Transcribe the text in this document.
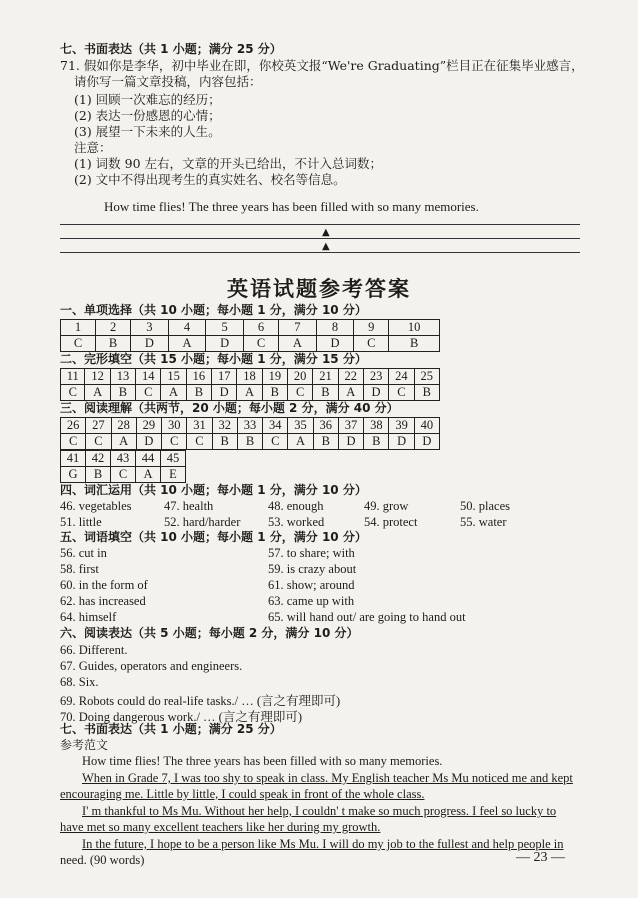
七、书面表达（共 1 小题；满分 25 分）
71. 假如你是李华，初中毕业在即，你校英文报“We're Graduating”栏目正在征集毕业感言，
请你写一篇文章投稿，内容包括：
(1) 回顾一次难忘的经历；
(2) 表达一份感恩的心情；
(3) 展望一下未来的人生。
注意：
(1) 词数 90 左右，文章的开头已给出，不计入总词数；
(2) 文中不得出现考生的真实姓名、校名等信息。
How time flies! The three years has been filled with so many memories.
▲
▲
英语试题参考答案
一、单项选择（共 10 小题；每小题 1 分，满分 10 分）
1	2	3	4	5	6	7	8	9	10
C	B	D	A	D	C	A	D	C	B
二、完形填空（共 15 小题；每小题 1 分，满分 15 分）
11	12	13	14	15	16	17	18	19	20	21	22	23	24	25
C	A	B	C	A	B	D	A	B	C	B	A	D	C	B
三、阅读理解（共两节，20 小题；每小题 2 分，满分 40 分）
26	27	28	29	30	31	32	33	34	35	36	37	38	39	40
C	C	A	D	C	C	B	B	C	A	B	D	B	D	D
41	42	43	44	45
G	B	C	A	E
四、词汇运用（共 10 小题；每小题 1 分，满分 10 分）
46. vegetables	47. health	48. enough	49. grow	50. places
51. little	52. hard/harder 53. worked	54. protect	55. water
五、词语填空（共 10 小题；每小题 1 分，满分 10 分）
56. cut in	57. to share; with
58. first	59. is crazy about
60. in the form of	61. show; around
62. has increased	63. came up with
64. himself	65. will hand out/ are going to hand out
六、阅读表达（共 5 小题；每小题 2 分，满分 10 分）
66. Different.
67. Guides, operators and engineers.
68. Six.
69. Robots could do real-life tasks./ … (言之有理即可)
70. Doing dangerous work./ … (言之有理即可)
七、书面表达（共 1 小题；满分 25 分）
参考范文
How time flies! The three years has been filled with so many memories.
When in Grade 7, I was too shy to speak in class. My English teacher Ms Mu noticed me and kept
encouraging me. Little by little, I could speak in front of the whole class.
I' m thankful to Ms Mu. Without her help, I couldn' t make so much progress. I feel so lucky to
have met so many excellent teachers like her during my growth.
In the future, I hope to be a person like Ms Mu. I will do my job to the fullest and help people in
need. (90 words)	— 23 —
